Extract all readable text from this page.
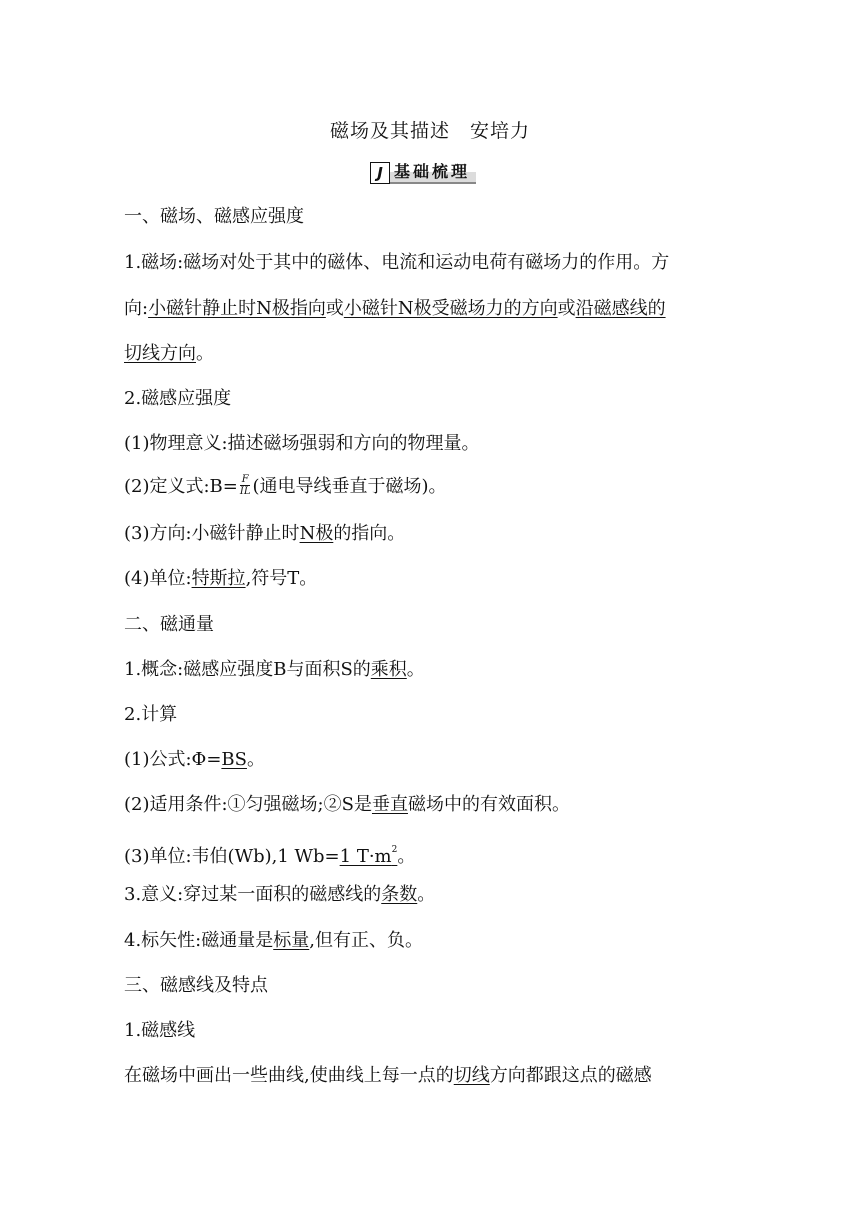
磁场及其描述　安培力
J 基础梳理
一、磁场、磁感应强度
1.磁场:磁场对处于其中的磁体、电流和运动电荷有磁场力的作用。方
向:小磁针静止时N极指向或小磁针N极受磁场力的方向或沿磁感线的
切线方向。
2.磁感应强度
(1)物理意义:描述磁场强弱和方向的物理量。
(2)定义式:B= $\frac{F}{IL}$ (通电导线垂直于磁场)。
(3)方向:小磁针静止时N极的指向。
(4)单位:特斯拉,符号T。
二、磁通量
1.概念:磁感应强度B与面积S的乘积。
2.计算
(1)公式:Φ=BS。
(2)适用条件:①匀强磁场;②S是垂直磁场中的有效面积。
(3)单位:韦伯(Wb),1 Wb=1 $T\cdot m^2$。
3.意义:穿过某一面积的磁感线的条数。
4.标矢性:磁通量是标量,但有正、负。
三、磁感线及特点
1.磁感线
在磁场中画出一些曲线,使曲线上每一点的切线方向都跟这点的磁感
